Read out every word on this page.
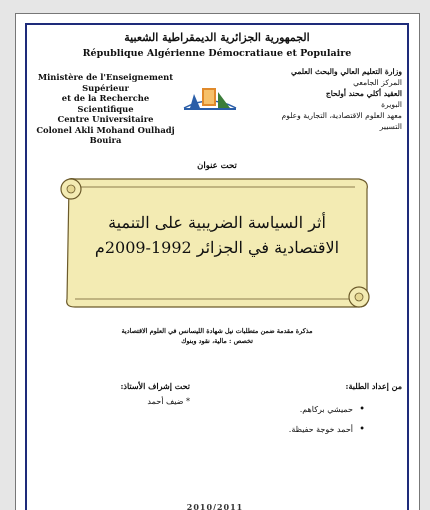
الجمهورية الجزائرية الديمقراطية الشعبية
République Algérienne Démocratiaue et Populaire
Ministère de l'Enseignement Supérieur
et de la Recherche Scientifique
Centre Universitaire
Colonel Akli Mohand Oulhadj
Bouira
وزارة التعليم العالي والبحث العلمي
المركز الجامعي
العقيد أكلي محند أولحاج
البويرة
معهد العلوم الاقتصادية، التجارية وعلوم التسيير
تحت عنوان
أثر السياسة الضريبية على التنمية
الاقتصادية في الجزائر 1992-2009م
مذكرة مقدمة ضمن متطلبات نيل شهادة الليسانس في العلوم الاقتصادية
تخصص : مالية، نقود وبنوك
من إعداد الطلبة:
تحت إشراف الأستاذ:
• حميشي بركاهم.
• أحمد خوجة حفيظة.
* ضيف أحمد
2010/2011
